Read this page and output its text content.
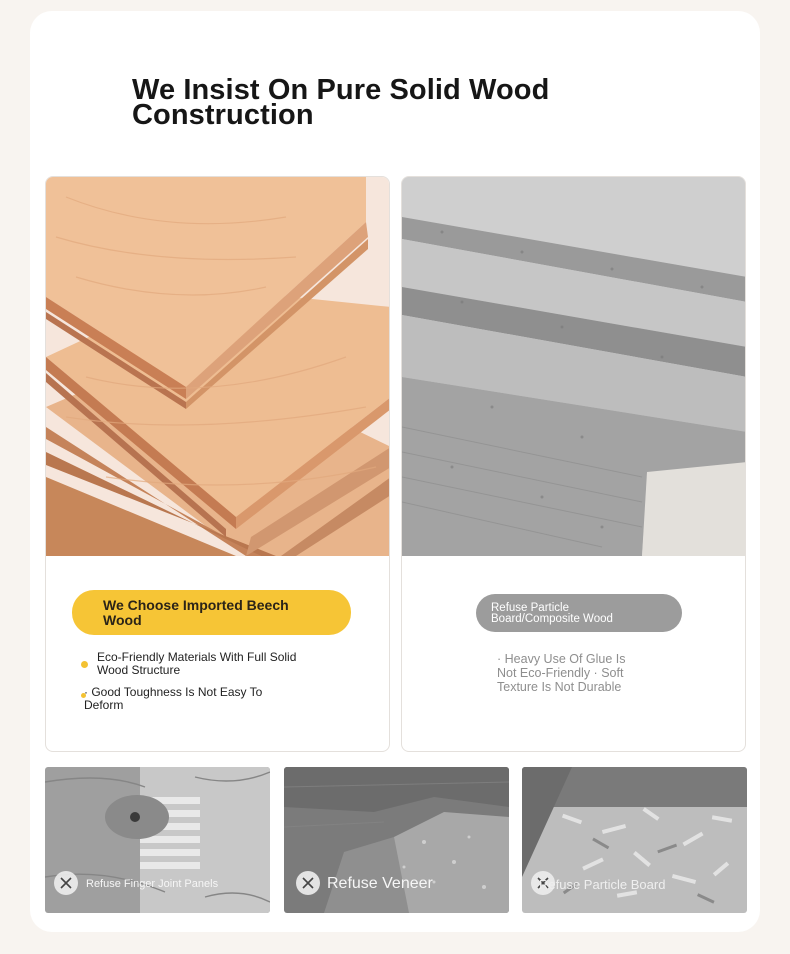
We Insist On Pure Solid Wood
Construction
We Choose Imported Beech Wood
Eco-Friendly Materials With Full Solid Wood Structure
· Good Toughness Is Not Easy To Deform
Refuse Particle Board/Composite Wood
· Heavy Use Of Glue Is Not Eco-Friendly · Soft Texture Is Not Durable
Refuse Finger Joint Panels	Refuse Veneer	Refuse Particle Board
